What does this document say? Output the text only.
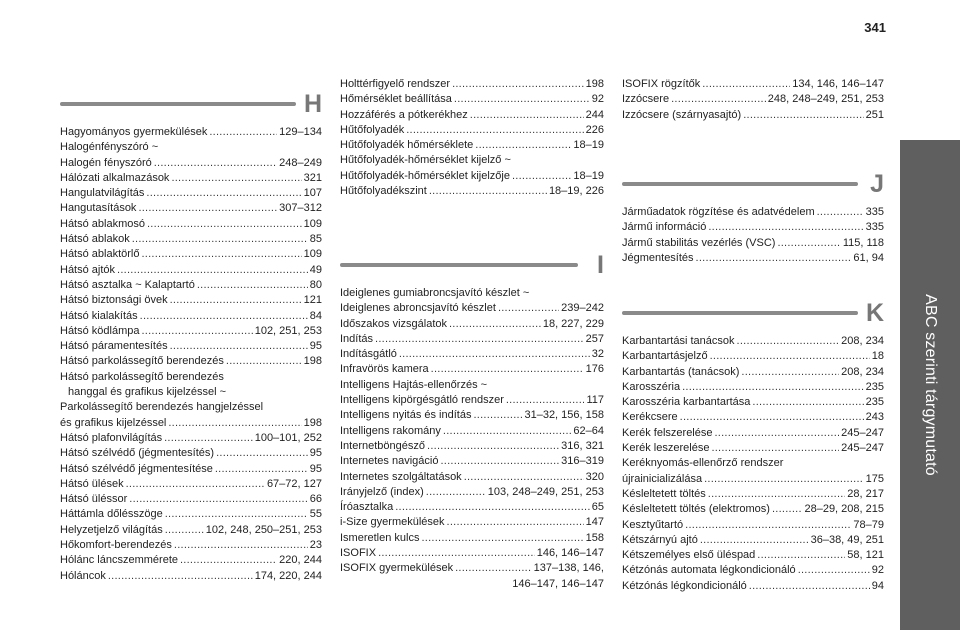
341
ABC szerinti tárgymutató
H
Hagyományos gyermekülések . . .	129–134
Halogénfényszóró ~
Halogén fényszóró . . .	248–249
Hálózati alkalmazások . . .	321
Hangulatvilágítás . . .	107
Hangutasítások . . .	307–312
Hátsó ablakmosó . . .	109
Hátsó ablakok . . .	85
Hátsó ablaktörlő . . .	109
Hátsó ajtók . . .	49
Hátsó asztalka ~ Kalaptartó . . .	80
Hátsó biztonsági övek . . .	121
Hátsó kialakítás . . .	84
Hátsó ködlámpa . . .	102, 251, 253
Hátsó páramentesítés . . .	95
Hátsó parkolássegítő berendezés . . .	198
Hátsó parkolássegítő berendezés
hanggal és grafikus kijelzéssel ~
Parkolássegítő berendezés hangjelzéssel
és grafikus kijelzéssel . . .	198
Hátsó plafonvilágítás . . .	100–101, 252
Hátsó szélvédő (jégmentesítés) . . .	95
Hátsó szélvédő jégmentesítése . . .	95
Hátsó ülések . . .	67–72, 127
Hátsó üléssor . . .	66
Háttámla dőlésszöge . . .	55
Helyzetjelző világítás . . .	102, 248, 250–251, 253
Hőkomfort-berendezés . . .	23
Hólánc láncszemmérete . . .	220, 244
Hóláncok . . .	174, 220, 244
Holttérfigyelő rendszer . . .	198
Hőmérséklet beállítása . . .	92
Hozzáférés a pótkerékhez . . .	244
Hűtőfolyadék . . .	226
Hűtőfolyadék hőmérséklete . . .	18–19
Hűtőfolyadék-hőmérséklet kijelző ~
Hűtőfolyadék-hőmérséklet kijelzője . . .	18–19
Hűtőfolyadékszint . . .	18–19, 226
I
Ideiglenes gumiabroncsjavító készlet ~
Ideiglenes abroncsjavító készlet . . .	239–242
Időszakos vizsgálatok . . .	18, 227, 229
Indítás . . .	257
Indításgátló . . .	32
Infravörös kamera . . .	176
Intelligens Hajtás-ellenőrzés ~
Intelligens kipörgésgátló rendszer . . .	117
Intelligens nyitás és indítás . . .	31–32, 156, 158
Intelligens rakomány . . .	62–64
Internetböngésző . . .	316, 321
Internetes navigáció . . .	316–319
Internetes szolgáltatások . . .	320
Irányjelző (index) . . .	103, 248–249, 251, 253
Íróasztalka . . .	65
i-Size gyermekülések . . .	147
Ismeretlen kulcs . . .	158
ISOFIX . . .	146, 146–147
ISOFIX gyermekülések . . .	137–138, 146,
146–147, 146–147
ISOFIX rögzítők . . .	134, 146, 146–147
Izzócsere . . .	248, 248–249, 251, 253
Izzócsere (szárnyasajtó) . . .	251
J
Járműadatok rögzítése és adatvédelem . . .	335
Jármű információ . . .	335
Jármű stabilitás vezérlés (VSC) . . .	115, 118
Jégmentesítés . . .	61, 94
K
Karbantartási tanácsok . . .	208, 234
Karbantartásjelző . . .	18
Karbantartás (tanácsok) . . .	208, 234
Karosszéria . . .	235
Karosszéria karbantartása . . .	235
Kerékcsere . . .	243
Kerék felszerelése . . .	245–247
Kerék leszerelése . . .	245–247
Keréknyomás-ellenőrző rendszer
újrainicializálása . . .	175
Késleltetett töltés . . .	28, 217
Késleltetett töltés (elektromos) . . .	28–29, 208, 215
Kesztyűtartó . . .	78–79
Kétszárnyú ajtó . . .	36–38, 49, 251
Kétszemélyes első üléspad . . .	58, 121
Kétzónás automata légkondicionáló . . .	92
Kétzónás légkondicionáló . . .	94
